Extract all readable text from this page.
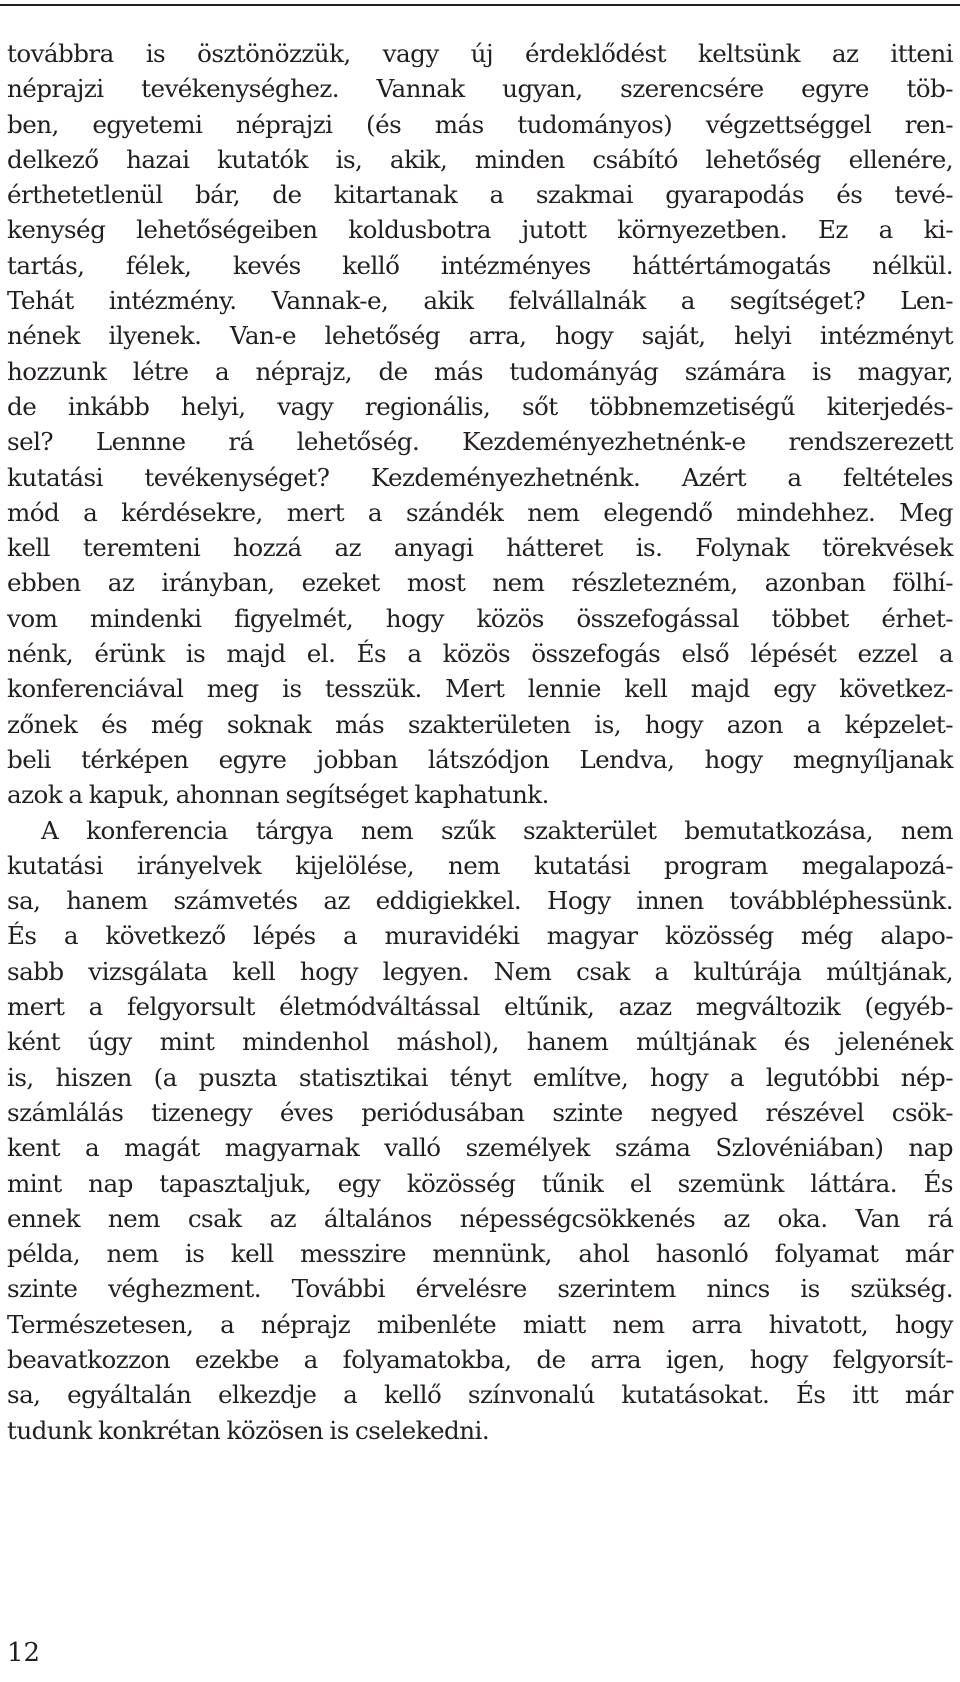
továbbra is ösztönözzük, vagy új érdeklődést keltsünk az itteni
néprajzi tevékenységhez. Vannak ugyan, szerencsére egyre töb-
ben, egyetemi néprajzi (és más tudományos) végzettséggel ren-
delkező hazai kutatók is, akik, minden csábító lehetőség ellenére,
érthetetlenül bár, de kitartanak a szakmai gyarapodás és tevé-
kenység lehetőségeiben koldusbotra jutott környezetben. Ez a ki-
tartás, félek, kevés kellő intézményes háttértámogatás nélkül.
Tehát intézmény. Vannak-e, akik felvállalnák a segítséget? Len-
nének ilyenek. Van-e lehetőség arra, hogy saját, helyi intézményt
hozzunk létre a néprajz, de más tudományág számára is magyar,
de inkább helyi, vagy regionális, sőt többnemzetiségű kiterjedés-
sel? Lennne rá lehetőség. Kezdeményezhetnénk-e rendszerezett
kutatási tevékenységet? Kezdeményezhetnénk. Azért a feltételes
mód a kérdésekre, mert a szándék nem elegendő mindehhez. Meg
kell teremteni hozzá az anyagi hátteret is. Folynak törekvések
ebben az irányban, ezeket most nem részletezném, azonban fölhí-
vom mindenki figyelmét, hogy közös összefogással többet érhet-
nénk, érünk is majd el. És a közös összefogás első lépését ezzel a
konferenciával meg is tesszük. Mert lennie kell majd egy következ-
zőnek és még soknak más szakterületen is, hogy azon a képzelet-
beli térképen egyre jobban látszódjon Lendva, hogy megnyíljanak
azok a kapuk, ahonnan segítséget kaphatunk.
A konferencia tárgya nem szűk szakterület bemutatkozása, nem
kutatási irányelvek kijelölése, nem kutatási program megalapozá-
sa, hanem számvetés az eddigiekkel. Hogy innen továbbléphessünk.
És a következő lépés a muravidéki magyar közösség még alapo-
sabb vizsgálata kell hogy legyen. Nem csak a kultúrája múltjának,
mert a felgyorsult életmódváltással eltűnik, azaz megváltozik (egyéb-
ként úgy mint mindenhol máshol), hanem múltjának és jelenének
is, hiszen (a puszta statisztikai tényt említve, hogy a legutóbbi nép-
számlálás tizenegy éves periódusában szinte negyed részével csök-
kent a magát magyarnak valló személyek száma Szlovéniában) nap
mint nap tapasztaljuk, egy közösség tűnik el szemünk láttára. És
ennek nem csak az általános népességcsökkenés az oka. Van rá
példa, nem is kell messzire mennünk, ahol hasonló folyamat már
szinte véghezment. További érvelésre szerintem nincs is szükség.
Természetesen, a néprajz mibenléte miatt nem arra hivatott, hogy
beavatkozzon ezekbe a folyamatokba, de arra igen, hogy felgyorsít-
sa, egyáltalán elkezdje a kellő színvonalú kutatásokat. És itt már
tudunk konkrétan közösen is cselekedni.
12
